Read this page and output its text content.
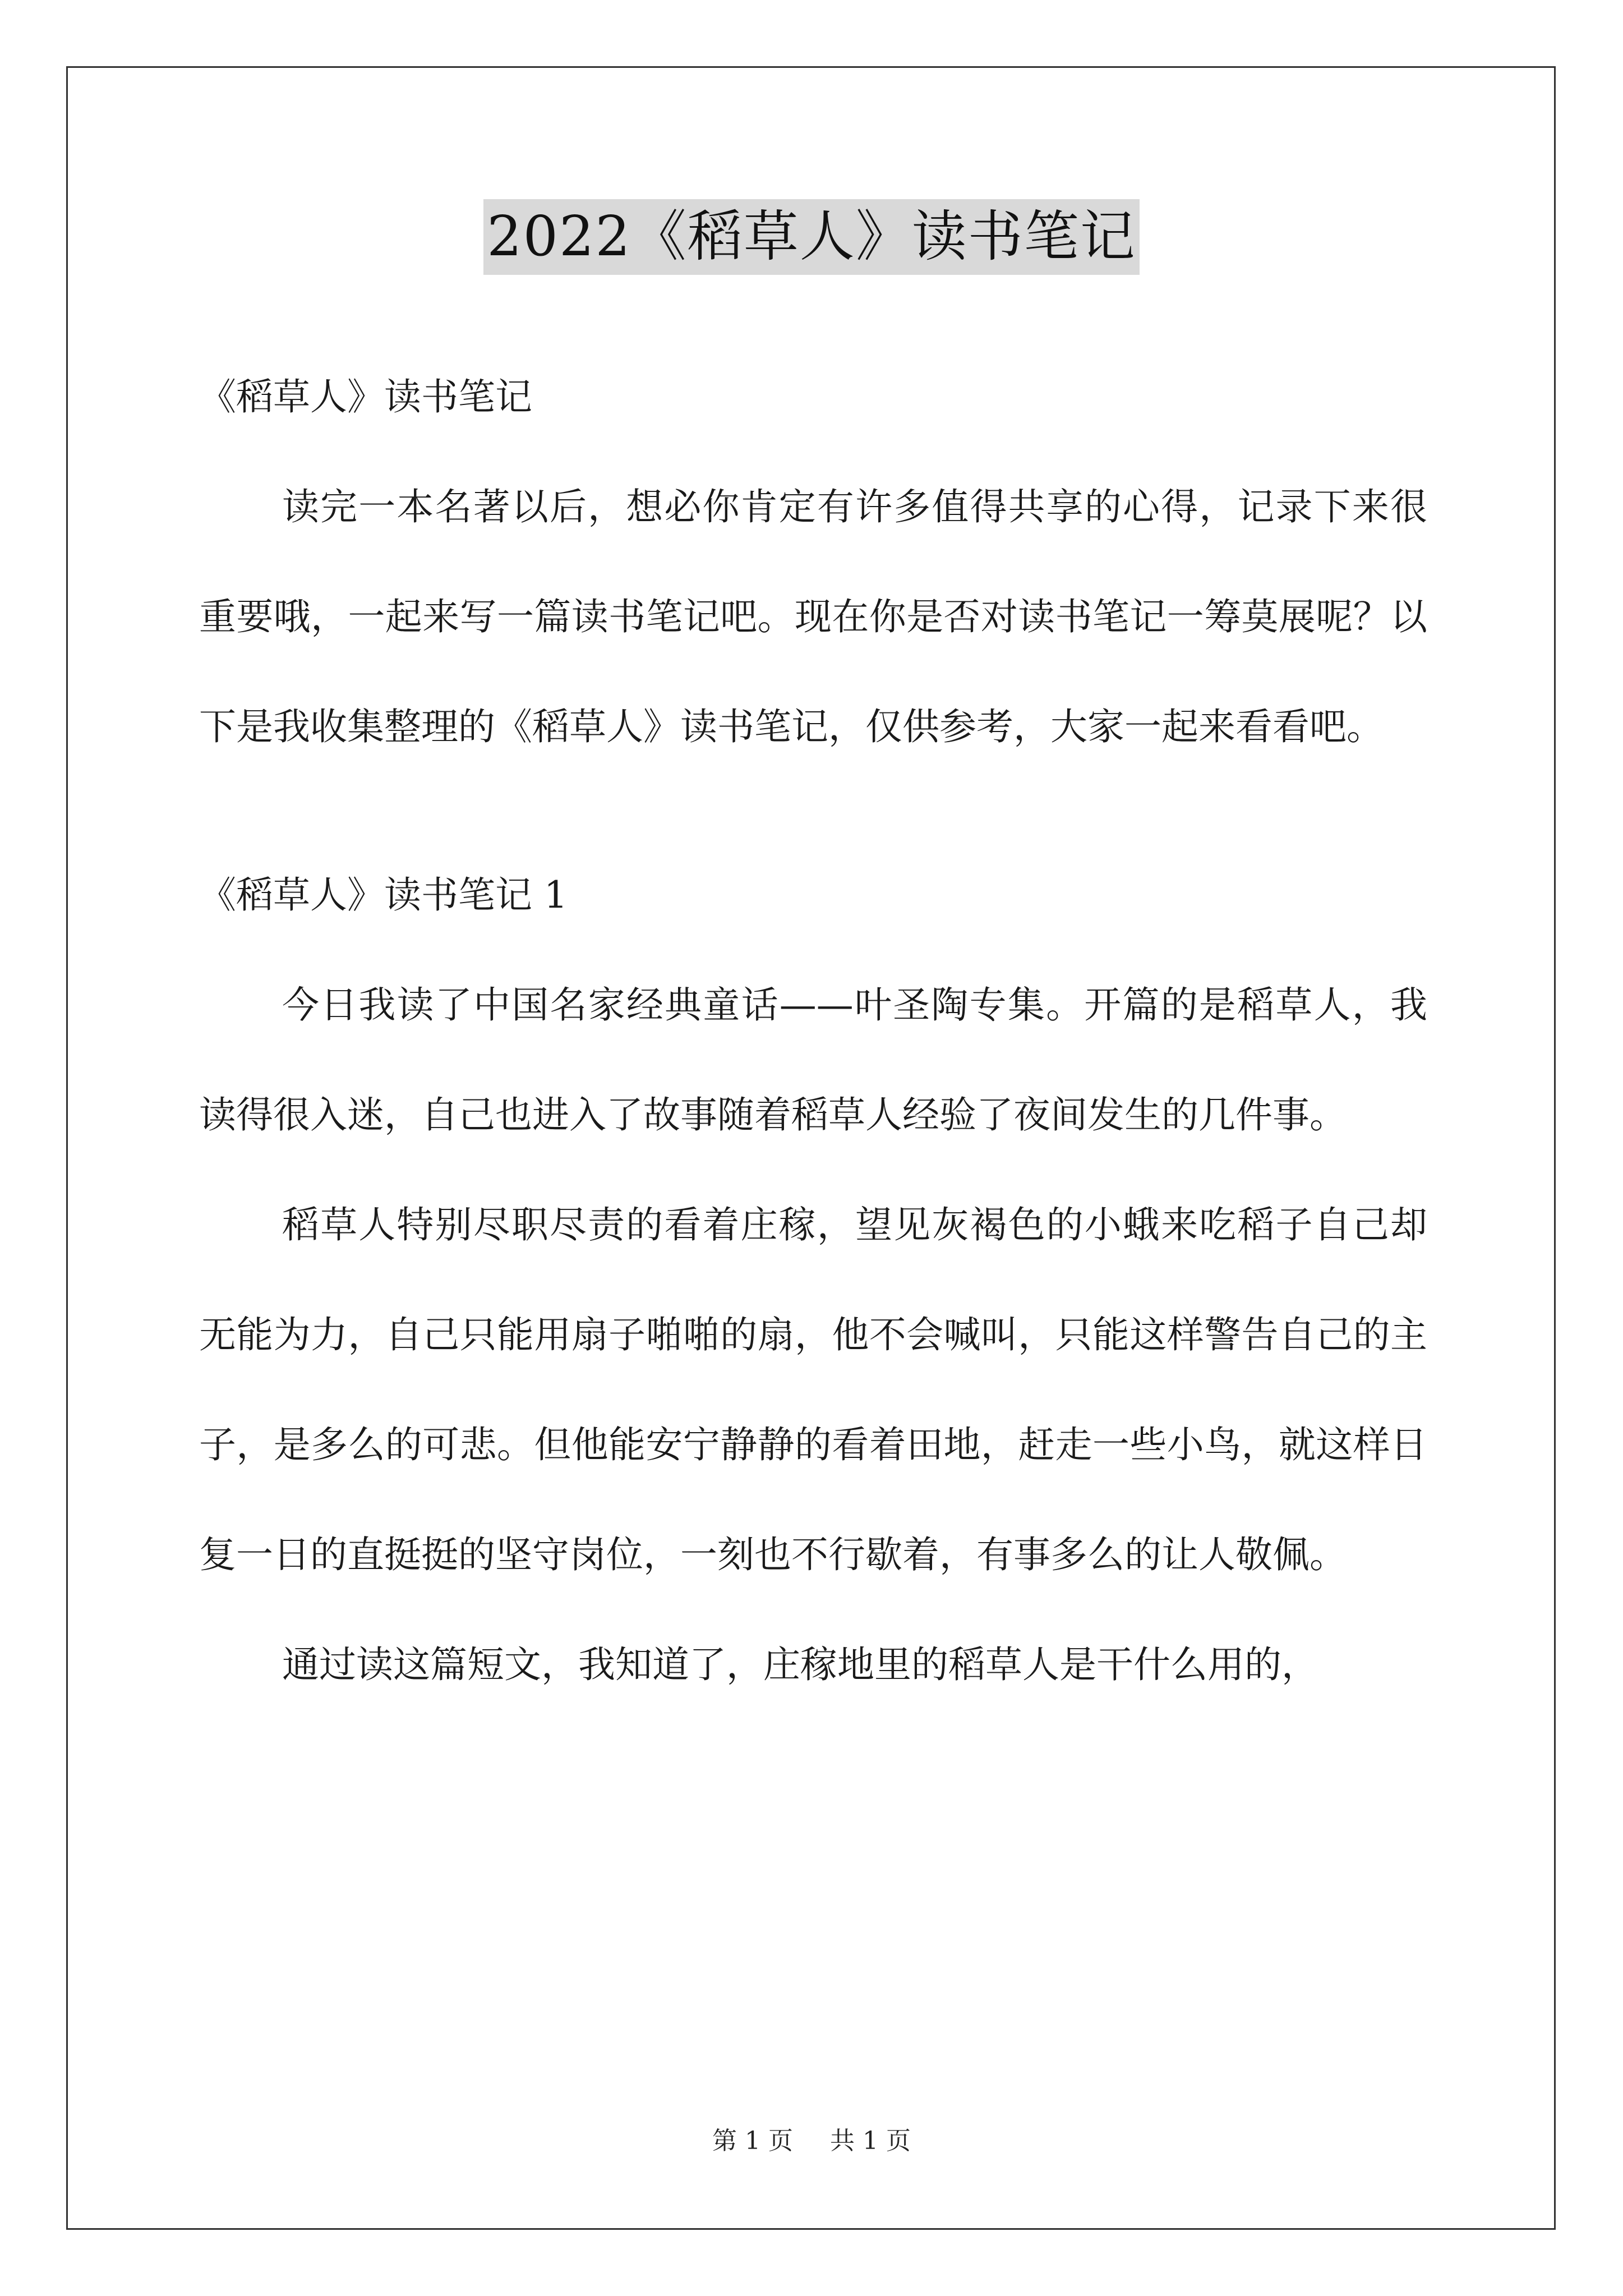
2022《稻草人》读书笔记

《稻草人》读书笔记

读完一本名著以后，想必你肯定有许多值得共享的心得，记录下来很重要哦，一起来写一篇读书笔记吧。现在你是否对读书笔记一筹莫展呢？以下是我收集整理的《稻草人》读书笔记，仅供参考，大家一起来看看吧。

《稻草人》读书笔记 1

今日我读了中国名家经典童话——叶圣陶专集。开篇的是稻草人，我读得很入迷，自己也进入了故事随着稻草人经验了夜间发生的几件事。

稻草人特别尽职尽责的看着庄稼，望见灰褐色的小蛾来吃稻子自己却无能为力，自己只能用扇子啪啪的扇，他不会喊叫，只能这样警告自己的主子，是多么的可悲。但他能安宁静静的看着田地，赶走一些小鸟，就这样日复一日的直挺挺的坚守岗位，一刻也不行歇着，有事多么的让人敬佩。

通过读这篇短文，我知道了，庄稼地里的稻草人是干什么用的，

第 1 页 共 1 页
